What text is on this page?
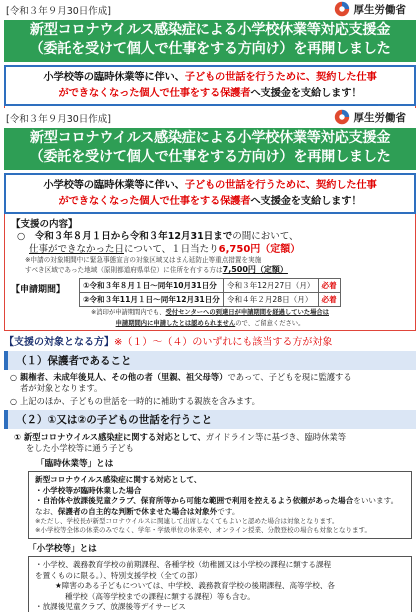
[令和３年９月30日作成]	厚生労働省
新型コロナウイルス感染症による小学校休業等対応支援金
（委託を受けて個人で仕事をする方向け）を再開しました
小学校等の臨時休業等に伴い、子どもの世話を行うために、契約した仕事
ができなくなった個人で仕事をする保護者へ支援金を支給します！
[令和３年９月30日作成]	厚生労働省
新型コロナウイルス感染症による小学校休業等対応支援金
（委託を受けて個人で仕事をする方向け）を再開しました
小学校等の臨時休業等に伴い、子どもの世話を行うために、契約した仕事
ができなくなった個人で仕事をする保護者へ支援金を支給します！
【支援の内容】
○　令和３年８月１日から令和３年12月31日までの間において、
仕事ができなかった日について、１日当たり6,750円（定額）
※申請の対象期間中に緊急事態宣言の対象区域又はまん延防止等重点措置を実施
すべき区域であった地域（原則都道府県単位）に住所を有する方は7,500円（定額）
【申請期間】	①令和３年８月１日～同年10月31日分	令和３年12月27日（月）	必着
②令和３年11月１日～同年12月31日分	令和４年２月28日（月）	必着
※消印が申請期間内でも、受付センターへの到達日が申請期間を経過していた場合は
申請期間内に申請したとは認められませんので、ご留意ください。
【支援の対象となる方】※（１）～（４）のいずれにも該当する方が対象
（１）保護者であること
○ 親権者、未成年後見人、その他の者（里親、祖父母等）であって、子どもを現に監護する
者が対象となります。
○ 上記のほか、子どもの世話を一時的に補助する親族を含みます。
（２）①又は②の子どもの世話を行うこと
① 新型コロナウイルス感染症に関する対応として、ガイドライン等に基づき、臨時休業等
をした小学校等に通う子ども
「臨時休業等」とは
新型コロナウイルス感染症に関する対応として、
・小学校等が臨時休業した場合
・自治体や放課後児童クラブ、保育所等から可能な範囲で利用を控えるよう依頼があった場合をいいます。
なお、保護者の自主的な判断で休ませた場合は対象外です。
※ただし、学校長が新型コロナウイルスに関連して出席しなくてもよいと認めた場合は対象となります。
※小学校等全体の休業のみでなく、学年・学級単位の休業や、オンライン授業、分散登校の場合も対象となります。
「小学校等」とは
・小学校、義務教育学校の前期課程、各種学校（幼稚園又は小学校の課程に類する課程
を置くものに限る。）、特別支援学校（全ての部）
★障害のある子どもについては、中学校、義務教育学校の後期課程、高等学校、各
種学校（高等学校までの課程に類する課程）等も含む。
・放課後児童クラブ、放課後等デイサービス
